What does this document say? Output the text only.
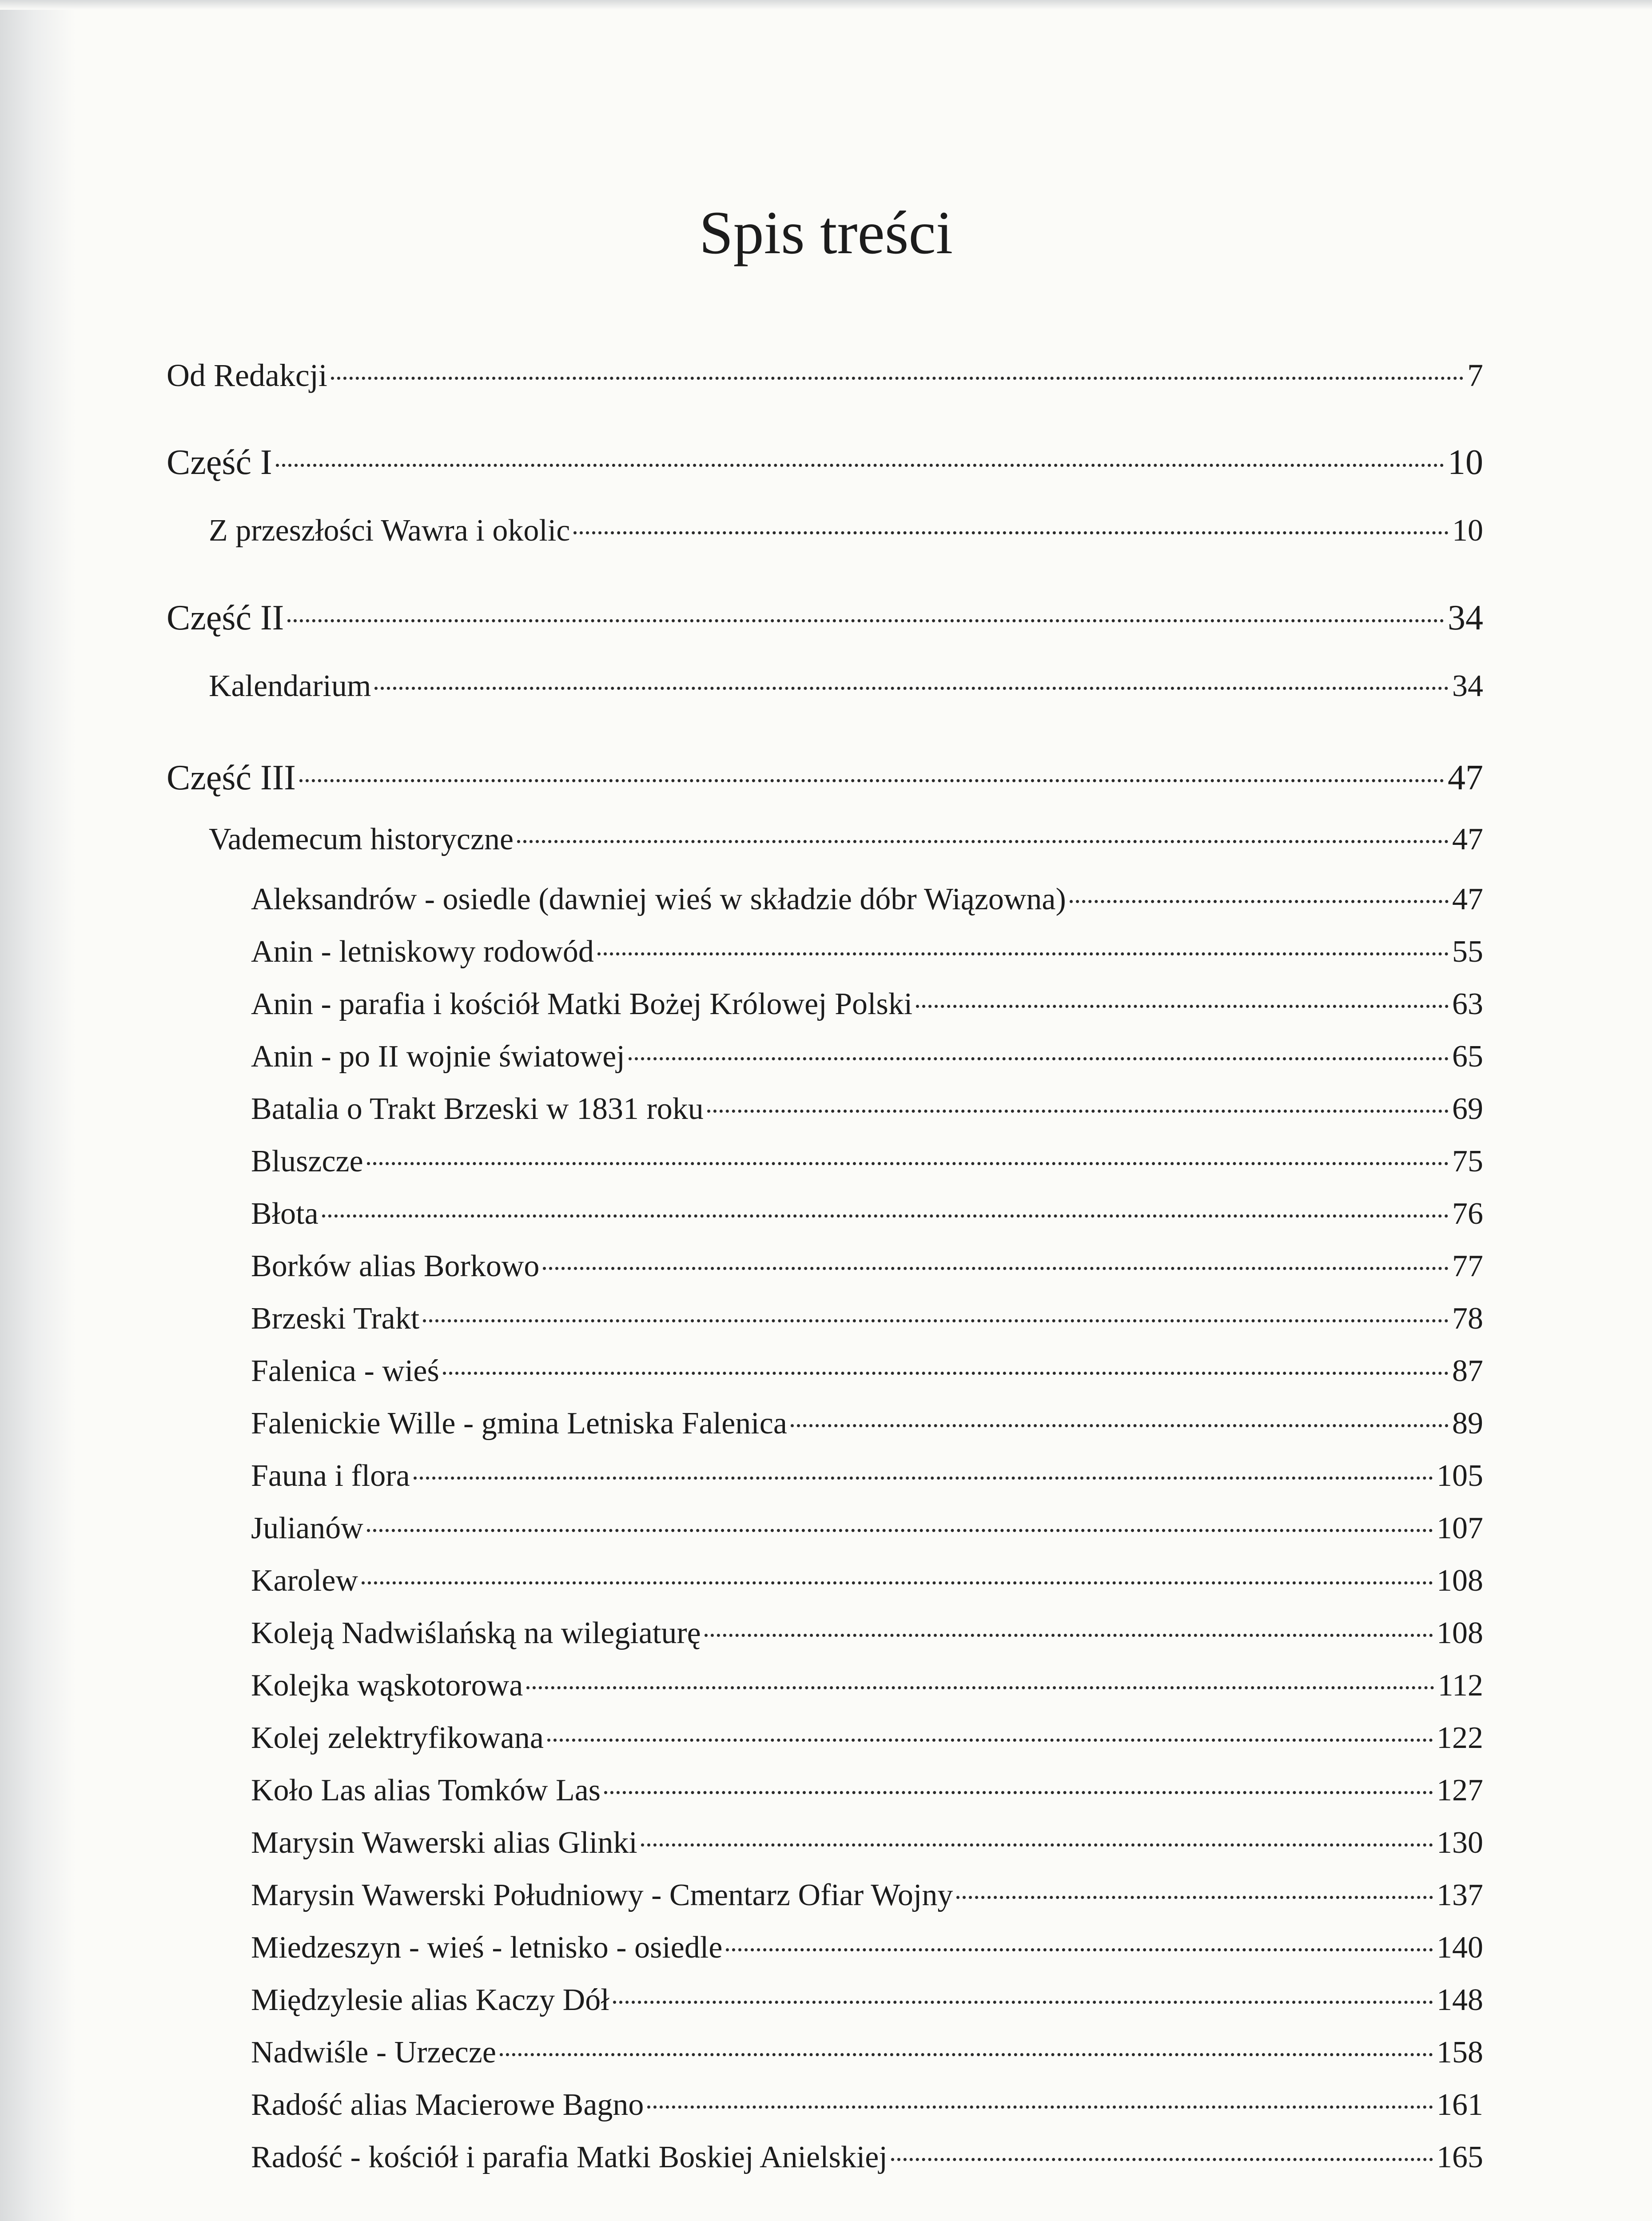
Spis treści
Od Redakcji	7
Część I	10
Z przeszłości Wawra i okolic	10
Część II	34
Kalendarium	34
Część III	47
Vademecum historyczne	47
Aleksandrów - osiedle (dawniej wieś w składzie dóbr Wiązowna)	47
Anin - letniskowy rodowód	55
Anin - parafia i kościół Matki Bożej Królowej Polski	63
Anin - po II wojnie światowej	65
Batalia o Trakt Brzeski w 1831 roku	69
Bluszcze	75
Błota	76
Borków alias Borkowo	77
Brzeski Trakt	78
Falenica - wieś	87
Falenickie Wille - gmina Letniska Falenica	89
Fauna i flora	105
Julianów	107
Karolew	108
Koleją Nadwiślańską na wilegiaturę	108
Kolejka wąskotorowa	112
Kolej zelektryfikowana	122
Koło Las alias Tomków Las	127
Marysin Wawerski alias Glinki	130
Marysin Wawerski Południowy - Cmentarz Ofiar Wojny	137
Miedzeszyn - wieś - letnisko - osiedle	140
Międzylesie alias Kaczy Dół	148
Nadwiśle - Urzecze	158
Radość alias Macierowe Bagno	161
Radość - kościół i parafia Matki Boskiej Anielskiej	165
